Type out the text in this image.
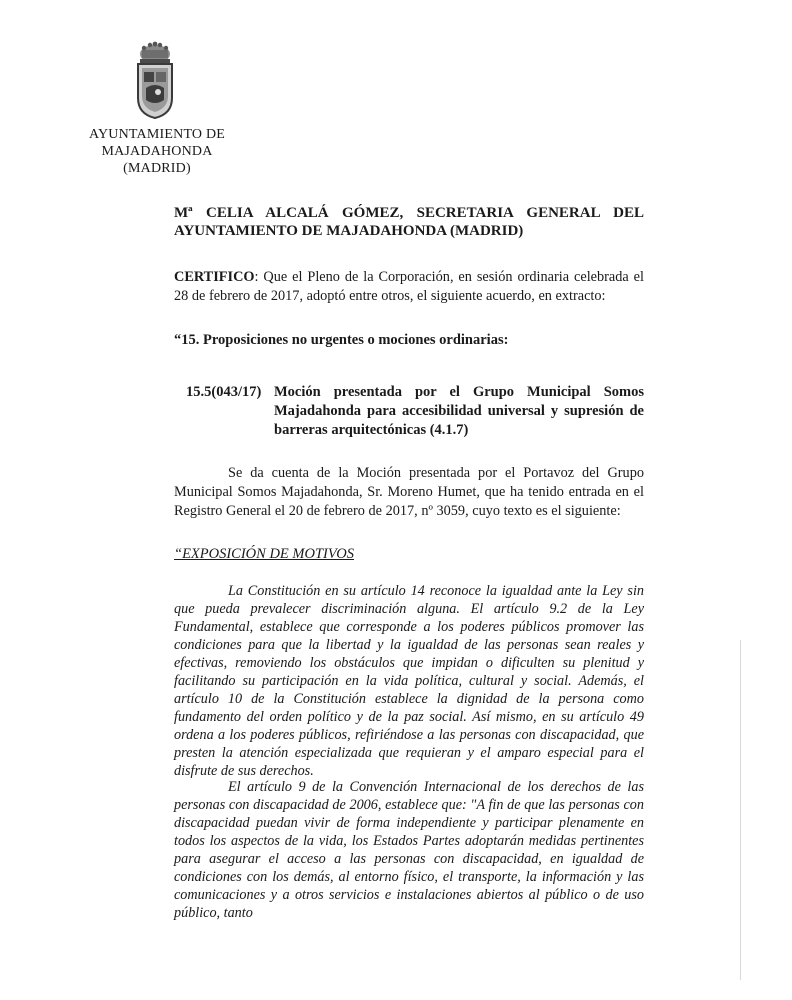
AYUNTAMIENTO DE
MAJADAHONDA
(MADRID)
Mª CELIA ALCALÁ GÓMEZ, SECRETARIA GENERAL DEL AYUNTAMIENTO DE MAJADAHONDA (MADRID)
CERTIFICO: Que el Pleno de la Corporación, en sesión ordinaria celebrada el 28 de febrero de 2017, adoptó entre otros, el siguiente acuerdo, en extracto:
“15. Proposiciones no urgentes o mociones ordinarias:
15.5(043/17) Moción presentada por el Grupo Municipal Somos Majadahonda para accesibilidad universal y supresión de barreras arquitectónicas (4.1.7)
Se da cuenta de la Moción presentada por el Portavoz del Grupo Municipal Somos Majadahonda, Sr. Moreno Humet, que ha tenido entrada en el Registro General el 20 de febrero de 2017, nº 3059, cuyo texto es el siguiente:
“EXPOSICIÓN DE MOTIVOS
La Constitución en su artículo 14 reconoce la igualdad ante la Ley sin que pueda prevalecer discriminación alguna. El artículo 9.2 de la Ley Fundamental, establece que corresponde a los poderes públicos promover las condiciones para que la libertad y la igualdad de las personas sean reales y efectivas, removiendo los obstáculos que impidan o dificulten su plenitud y facilitando su participación en la vida política, cultural y social. Además, el artículo 10 de la Constitución establece la dignidad de la persona como fundamento del orden político y de la paz social. Así mismo, en su artículo 49 ordena a los poderes públicos, refiriéndose a las personas con discapacidad, que presten la atención especializada que requieran y el amparo especial para el disfrute de sus derechos.
El artículo 9 de la Convención Internacional de los derechos de las personas con discapacidad de 2006, establece que: "A fin de que las personas con discapacidad puedan vivir de forma independiente y participar plenamente en todos los aspectos de la vida, los Estados Partes adoptarán medidas pertinentes para asegurar el acceso a las personas con discapacidad, en igualdad de condiciones con los demás, al entorno físico, el transporte, la información y las comunicaciones y a otros servicios e instalaciones abiertos al público o de uso público, tanto
